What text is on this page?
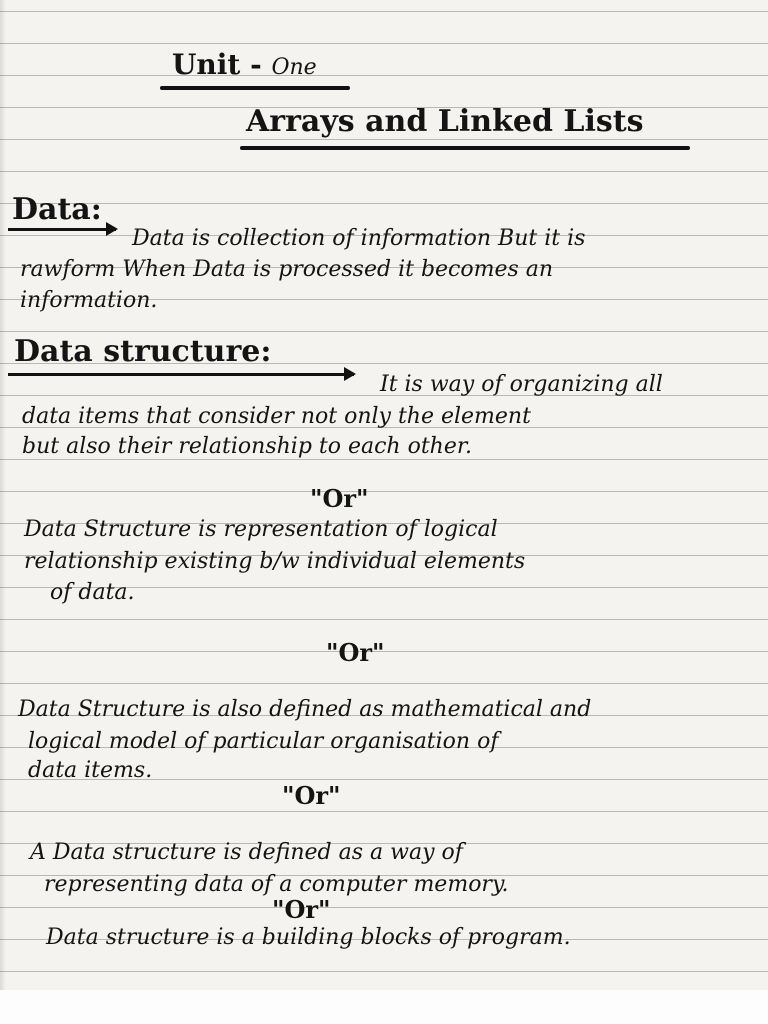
Unit - One
Arrays and Linked Lists
Data:
Data is collection of information But it is
rawform When Data is processed it becomes an
information.
Data structure:
It is way of organizing all
data items that consider not only the element
but also their relationship to each other.
"Or"
Data Structure is representation of logical
relationship existing b/w individual elements
of data.
"Or"
Data Structure is also defined as mathematical and
logical model of particular organisation of
data items.
"Or"
A Data structure is defined as a way of
representing data of a computer memory.
"Or"
Data structure is a building blocks of program.
